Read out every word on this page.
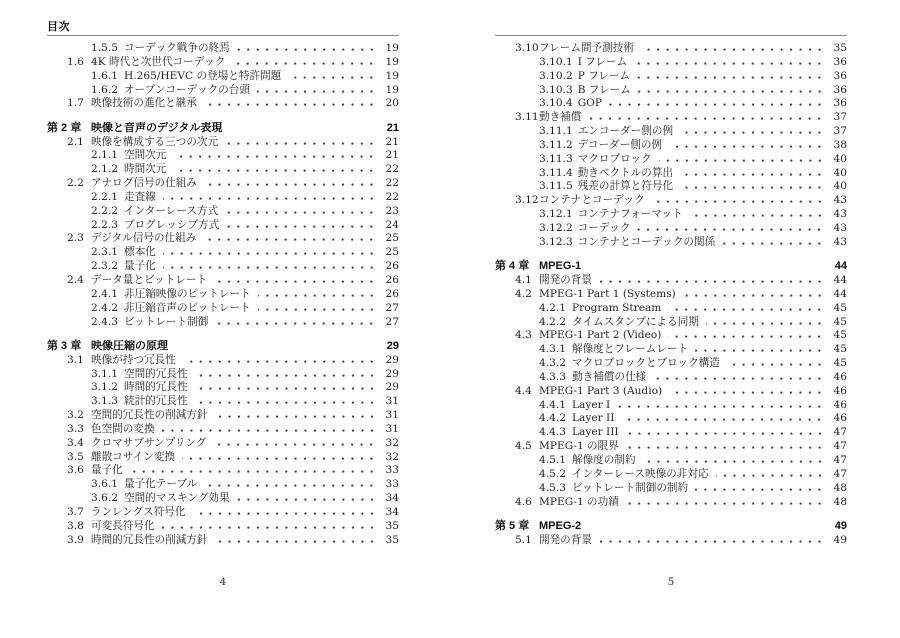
目次
1.5.5 コーデック戦争の終焉	19
1.6 4K 時代と次世代コーデック	19
1.6.1 H.265/HEVC の登場と特許問題	19
1.6.2 オープンコーデックの台頭	19
1.7 映像技術の進化と継承	20
第 2 章 映像と音声のデジタル表現	21
2.1 映像を構成する三つの次元	21
2.1.1 空間次元	21
2.1.2 時間次元	22
2.2 アナログ信号の仕組み	22
2.2.1 走査線	22
2.2.2 インターレース方式	23
2.2.3 プログレッシブ方式	24
2.3 デジタル信号の仕組み	25
2.3.1 標本化	25
2.3.2 量子化	26
2.4 データ量とビットレート	26
2.4.1 非圧縮映像のビットレート	26
2.4.2 非圧縮音声のビットレート	27
2.4.3 ビットレート制御	27
第 3 章 映像圧縮の原理	29
3.1 映像が持つ冗長性	29
3.1.1 空間的冗長性	29
3.1.2 時間的冗長性	29
3.1.3 統計的冗長性	31
3.2 空間的冗長性の削減方針	31
3.3 色空間の変換	31
3.4 クロマサブサンプリング	32
3.5 離散コサイン変換	32
3.6 量子化	33
3.6.1 量子化テーブル	33
3.6.2 空間的マスキング効果	34
3.7 ランレングス符号化	34
3.8 可変長符号化	35
3.9 時間的冗長性の削減方針	35
4
3.10 フレーム間予測技術	35
3.10.1 I フレーム	36
3.10.2 P フレーム	36
3.10.3 B フレーム	36
3.10.4 GOP	36
3.11 動き補償	37
3.11.1 エンコーダー側の例	37
3.11.2 デコーダー側の例	38
3.11.3 マクロブロック	40
3.11.4 動きベクトルの算出	40
3.11.5 残差の計算と符号化	40
3.12 コンテナとコーデック	43
3.12.1 コンテナフォーマット	43
3.12.2 コーデック	43
3.12.3 コンテナとコーデックの関係	43
第 4 章 MPEG-1	44
4.1 開発の背景	44
4.2 MPEG-1 Part 1 (Systems)	44
4.2.1 Program Stream	45
4.2.2 タイムスタンプによる同期	45
4.3 MPEG-1 Part 2 (Video)	45
4.3.1 解像度とフレームレート	45
4.3.2 マクロブロックとブロック構造	45
4.3.3 動き補償の仕様	46
4.4 MPEG-1 Part 3 (Audio)	46
4.4.1 Layer I	46
4.4.2 Layer II	46
4.4.3 Layer III	47
4.5 MPEG-1 の限界	47
4.5.1 解像度の制約	47
4.5.2 インターレース映像の非対応	47
4.5.3 ビットレート制御の制約	48
4.6 MPEG-1 の功績	48
第 5 章 MPEG-2	49
5.1 開発の背景	49
5
